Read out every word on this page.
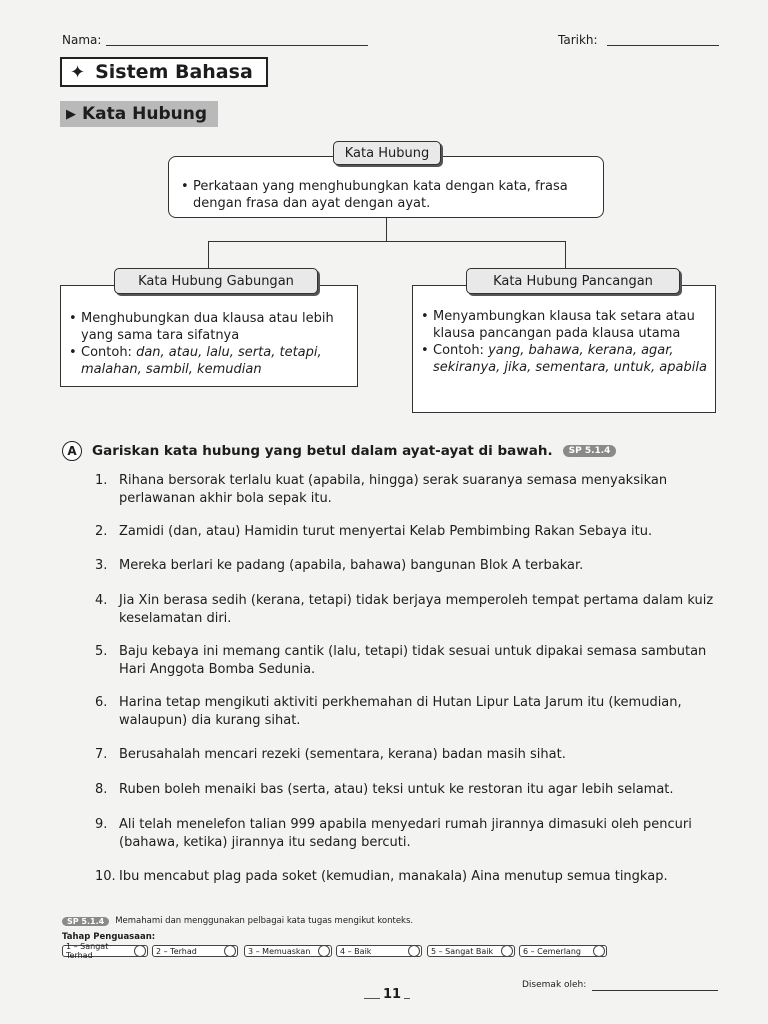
Nama:	Tarikh:
✦ Sistem Bahasa
▶ Kata Hubung
• Perkataan yang menghubungkan kata dengan kata, frasa dengan frasa dan ayat dengan ayat.
Kata Hubung
• Menghubungkan dua klausa atau lebih yang sama tara sifatnya
• Contoh: dan, atau, lalu, serta, tetapi, malahan, sambil, kemudian
Kata Hubung Gabungan
• Menyambungkan klausa tak setara atau klausa pancangan pada klausa utama
• Contoh: yang, bahawa, kerana, agar, sekiranya, jika, sementara, untuk, apabila
Kata Hubung Pancangan
A	Gariskan kata hubung yang betul dalam ayat-ayat di bawah.	SP 5.1.4
1. Rihana bersorak terlalu kuat (apabila, hingga) serak suaranya semasa menyaksikan perlawanan akhir bola sepak itu.
2. Zamidi (dan, atau) Hamidin turut menyertai Kelab Pembimbing Rakan Sebaya itu.
3. Mereka berlari ke padang (apabila, bahawa) bangunan Blok A terbakar.
4. Jia Xin berasa sedih (kerana, tetapi) tidak berjaya memperoleh tempat pertama dalam kuiz keselamatan diri.
5. Baju kebaya ini memang cantik (lalu, tetapi) tidak sesuai untuk dipakai semasa sambutan Hari Anggota Bomba Sedunia.
6. Harina tetap mengikuti aktiviti perkhemahan di Hutan Lipur Lata Jarum itu (kemudian, walaupun) dia kurang sihat.
7. Berusahalah mencari rezeki (sementara, kerana) badan masih sihat.
8. Ruben boleh menaiki bas (serta, atau) teksi untuk ke restoran itu agar lebih selamat.
9. Ali telah menelefon talian 999 apabila menyedari rumah jirannya dimasuki oleh pencuri (bahawa, ketika) jirannya itu sedang bercuti.
10. Ibu mencabut plag pada soket (kemudian, manakala) Aina menutup semua tingkap.
SP 5.1.4	Memahami dan menggunakan pelbagai kata tugas mengikut konteks.
Tahap Penguasaan:
1 – Sangat Terhad	2 – Terhad	3 – Memuaskan	4 – Baik	5 – Sangat Baik	6 – Cemerlang
Disemak oleh:
11
